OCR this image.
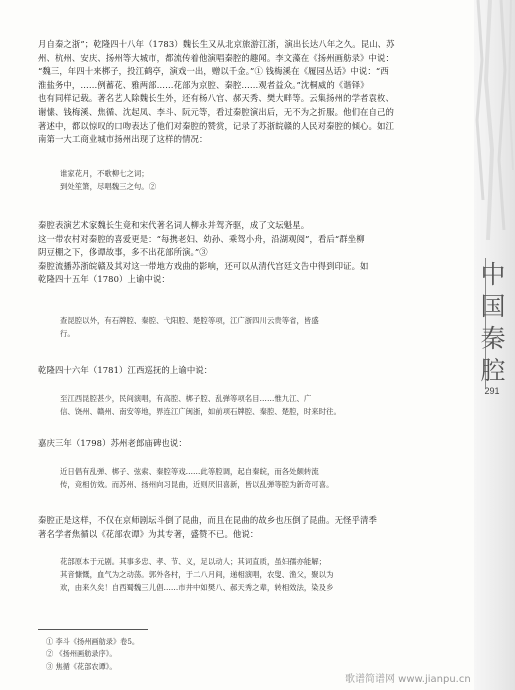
中
国
秦
腔
291
月自秦之浙”；乾隆四十八年（1783）魏长生又从北京旅游江浙，演出长达八年之久。昆山、苏
州、杭州、安庆、扬州等大城市，都流传着他演唱秦腔的趣闻。李文藻在《扬州画舫录》中说：
“魏三，年四十来梆子，投江鹤亭，演戏一出，赠以千金。”① 钱梅溪在《履园丛话》中说：“西
淮盐务中，……例蓄花、雅两部……花部为京腔、秦腔……观者益众。”沈桐威的《谐铎》
也有同样记载。著名艺人除魏长生外，还有杨八官、郝天秀、樊大畔等。云集扬州的学者袁枚、
谢愫、钱梅溪、焦循、沈起凤、李斗、阮元等，看过秦腔演出后，无不为之折服。他们在自己的
著述中，都以惊叹的口吻表达了他们对秦腔的赞赏，记录了苏浙皖赣的人民对秦腔的倾心。如江
南第一大工商业城市扬州出现了这样的情况：
谁家花月，不歌柳七之词；
到处笙箫，尽唱魏三之句。②
秦腔表演艺术家魏长生竟和宋代著名词人柳永并驾齐驱，成了文坛魁星。
这一带农村对秦腔的喜爱更是：“每携老妇、幼孙、乘驾小舟，沿湖观阅”，看后“群坐柳
阴豆棚之下，侈谭故事，多不出花部所演。”③
秦腔流播苏浙皖赣及其对这一带地方戏曲的影响，还可以从清代宫廷文告中得到印证。如
乾隆四十五年（1780）上谕中说：
查昆腔以外，有石牌腔、秦腔、弋阳腔、楚腔等项，江广浙四川云贵等省，皆盛
行。
乾隆四十六年（1781）江西巡抚的上谕中说：
至江西昆腔甚少，民间演唱，有高腔、梆子腔、乱弹等项名目……惟九江、广
信、饶州、赣州、南安等地，界连江广闽浙，如前项石牌腔、秦腔、楚腔，时来时往。
嘉庆三年（1798）苏州老郎庙碑也说：
近日倡有乱弹、梆子、弦索、秦腔等戏……此等腔调，起自秦皖，而各处颇转流
传，竞相仿效。而苏州、扬州向习昆曲，近则厌旧喜新，皆以乱弹等腔为新奇可喜。
秦腔正是这样，不仅在京师剧坛斗倒了昆曲，而且在昆曲的故乡也压倒了昆曲。无怪乎清季
著名学者焦循以《花部农谭》为其专著，盛赞不已。他说：
花部原本于元剧。其事多忠、孝、节、义，足以动人；其词直质，虽妇孺亦能解；
其音慷慨，血气为之动荡。郭外各村，于二八月间，递相演唱，农叟、渔父，聚以为
欢，由来久矣！自西蜀魏三儿倡……市井中如樊八、郝天秀之辈，转相效法，染及乡
① 李斗《扬州画舫录》卷5。
② 《扬州画舫录序》。
③ 焦循《花部农谭》。
歌谱简谱网 www.jianpu.cn
